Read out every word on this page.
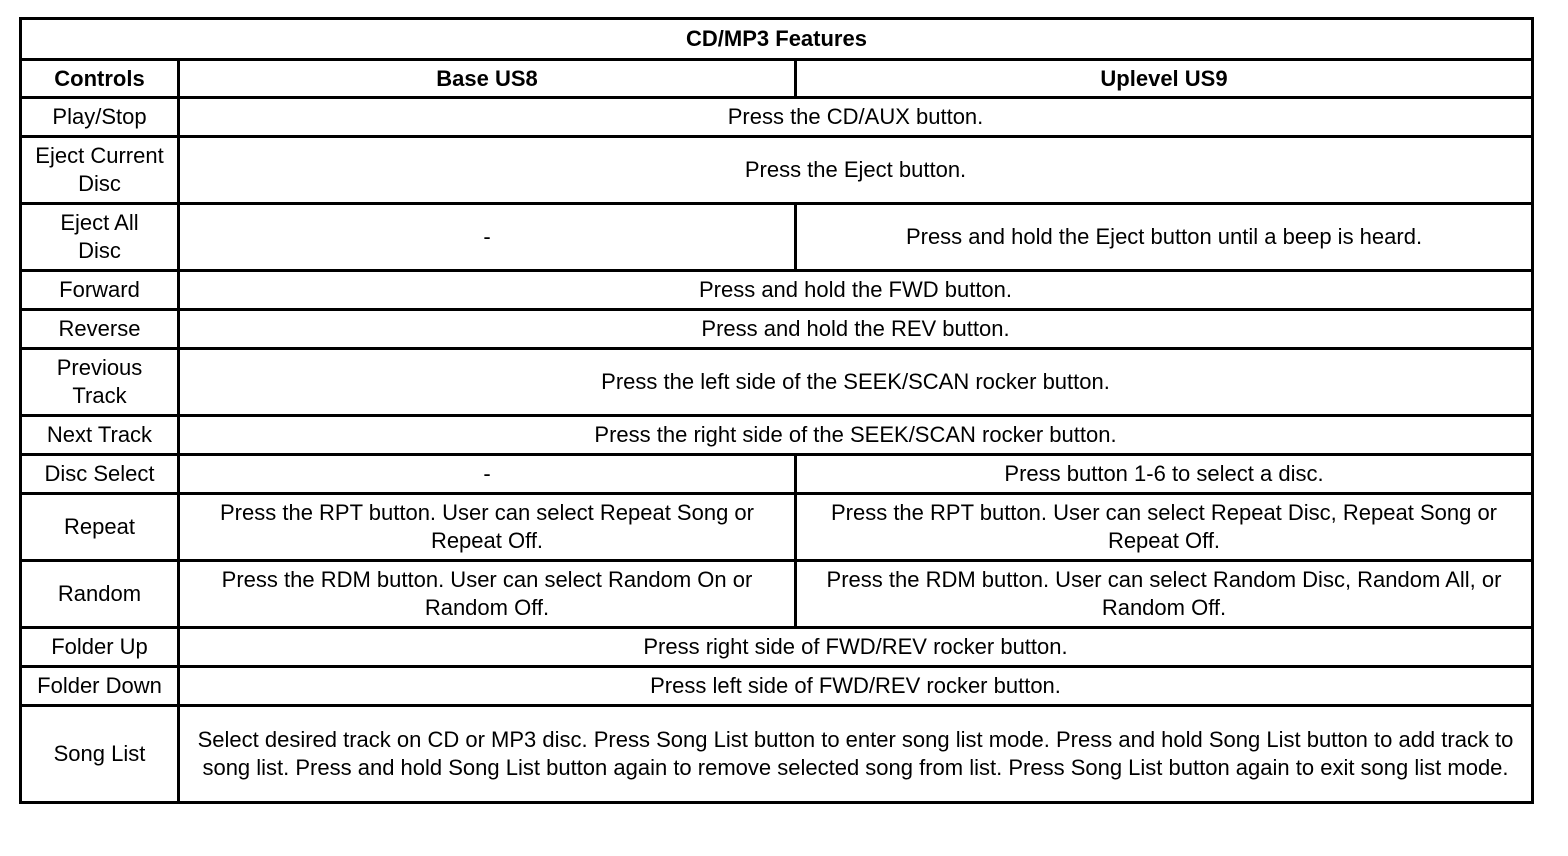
CD/MP3 Features		
Controls	Base US8	Uplevel US9
Play/Stop	Press the CD/AUX button.	
Eject Current Disc	Press the Eject button.	
Eject All Disc	-	Press and hold the Eject button until a beep is heard.
Forward	Press and hold the FWD button.	
Reverse	Press and hold the REV button.	
Previous Track	Press the left side of the SEEK/SCAN rocker button.	
Next Track	Press the right side of the SEEK/SCAN rocker button.	
Disc Select	-	Press button 1-6 to select a disc.
Repeat	Press the RPT button. User can select Repeat Song or Repeat Off.	Press the RPT button. User can select Repeat Disc, Repeat Song or Repeat Off.
Random	Press the RDM button. User can select Random On or Random Off.	Press the RDM button. User can select Random Disc, Random All, or Random Off.
Folder Up	Press right side of FWD/REV rocker button.	
Folder Down	Press left side of FWD/REV rocker button.	
Song List	Select desired track on CD or MP3 disc. Press Song List button to enter song list mode. Press and hold Song List button to add track to song list. Press and hold Song List button again to remove selected song from list. Press Song List button again to exit song list mode.	
